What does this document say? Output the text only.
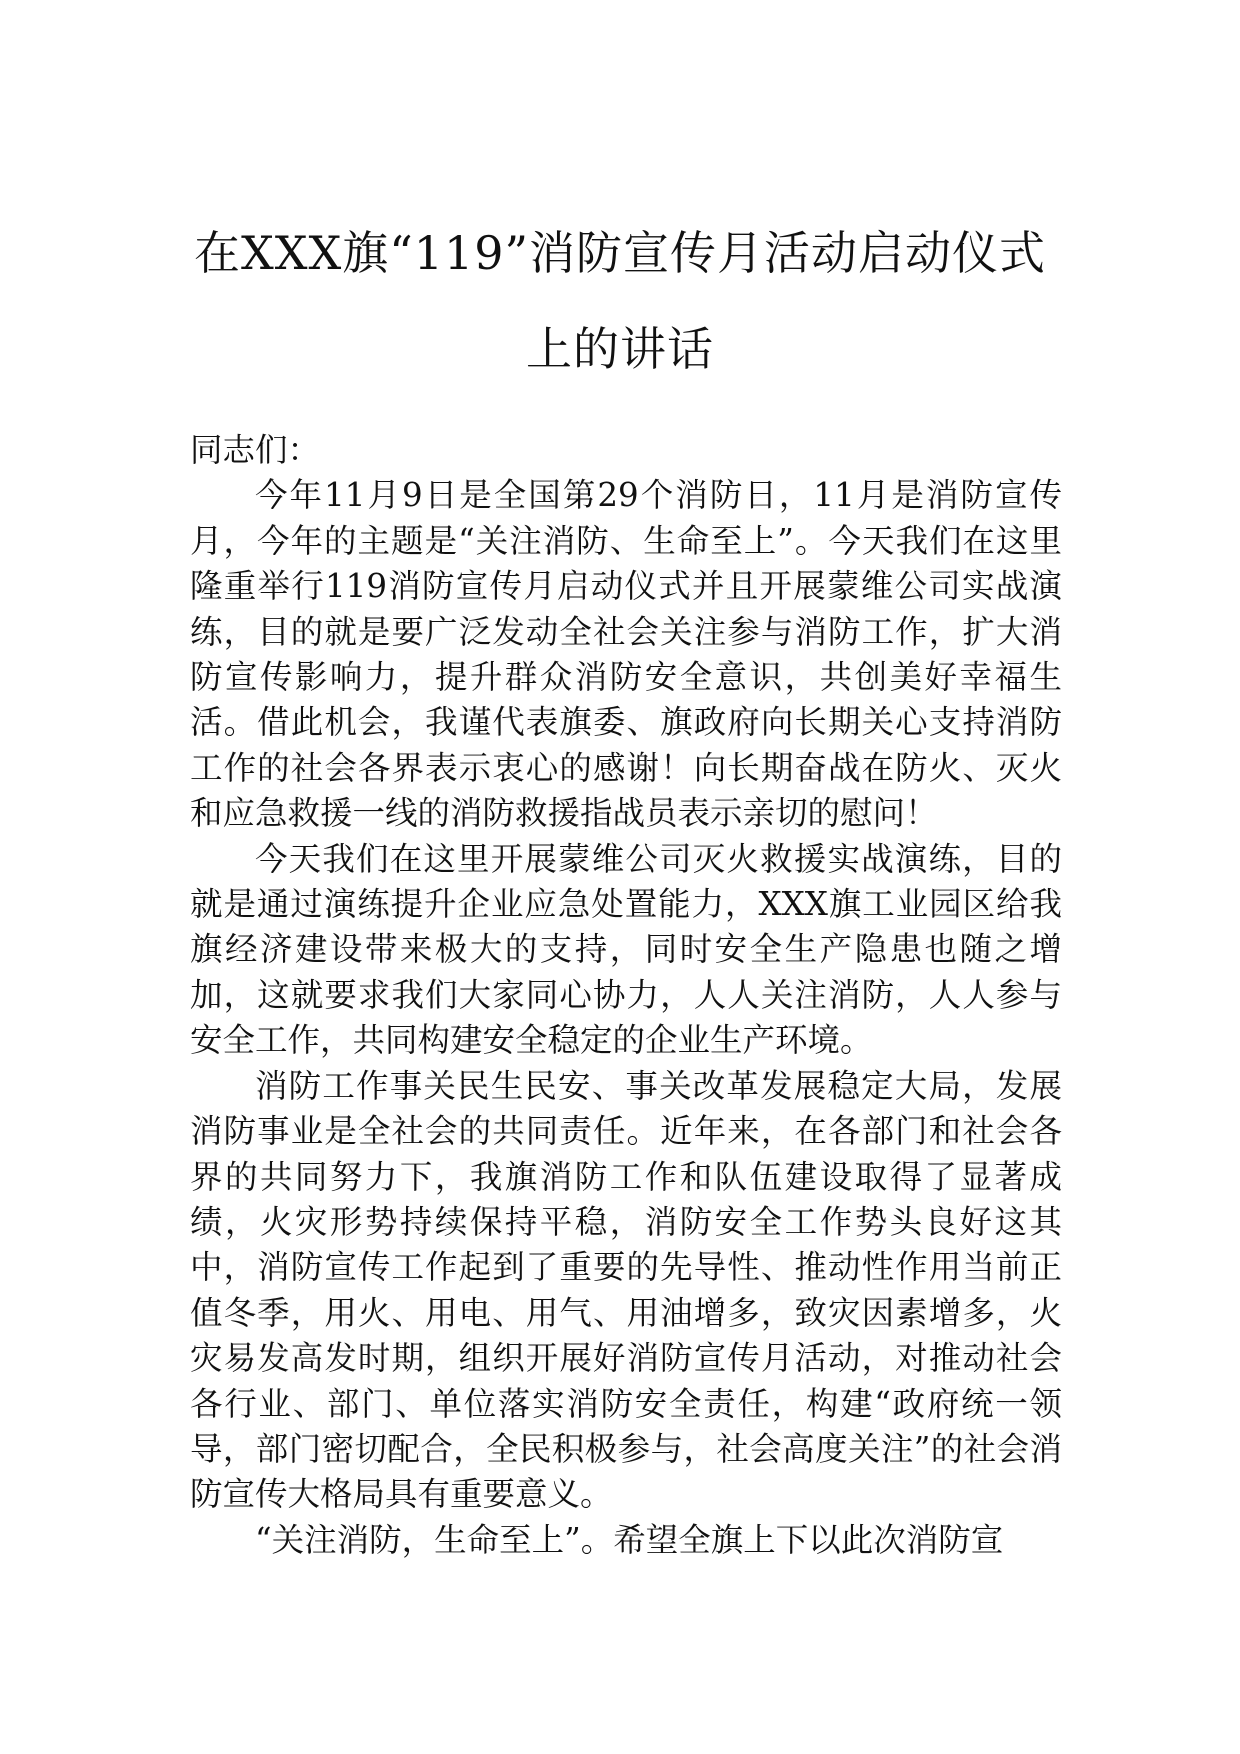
在XXX旗“119”消防宣传月活动启动仪式
上的讲话

同志们：

今年11月9日是全国第29个消防日，11月是消防宣传月，今年的主题是“关注消防、生命至上”。今天我们在这里隆重举行119消防宣传月启动仪式并且开展蒙维公司实战演练，目的就是要广泛发动全社会关注参与消防工作，扩大消防宣传影响力，提升群众消防安全意识，共创美好幸福生活。借此机会，我谨代表旗委、旗政府向长期关心支持消防工作的社会各界表示衷心的感谢！向长期奋战在防火、灭火和应急救援一线的消防救援指战员表示亲切的慰问！

今天我们在这里开展蒙维公司灭火救援实战演练，目的就是通过演练提升企业应急处置能力，XXX旗工业园区给我旗经济建设带来极大的支持，同时安全生产隐患也随之增加，这就要求我们大家同心协力，人人关注消防，人人参与安全工作，共同构建安全稳定的企业生产环境。

消防工作事关民生民安、事关改革发展稳定大局，发展消防事业是全社会的共同责任。近年来，在各部门和社会各界的共同努力下，我旗消防工作和队伍建设取得了显著成绩，火灾形势持续保持平稳，消防安全工作势头良好这其中，消防宣传工作起到了重要的先导性、推动性作用当前正值冬季，用火、用电、用气、用油增多，致灾因素增多，火灾易发高发时期，组织开展好消防宣传月活动，对推动社会各行业、部门、单位落实消防安全责任，构建“政府统一领导，部门密切配合，全民积极参与，社会高度关注”的社会消防宣传大格局具有重要意义。

“关注消防，生命至上”。希望全旗上下以此次消防宣
